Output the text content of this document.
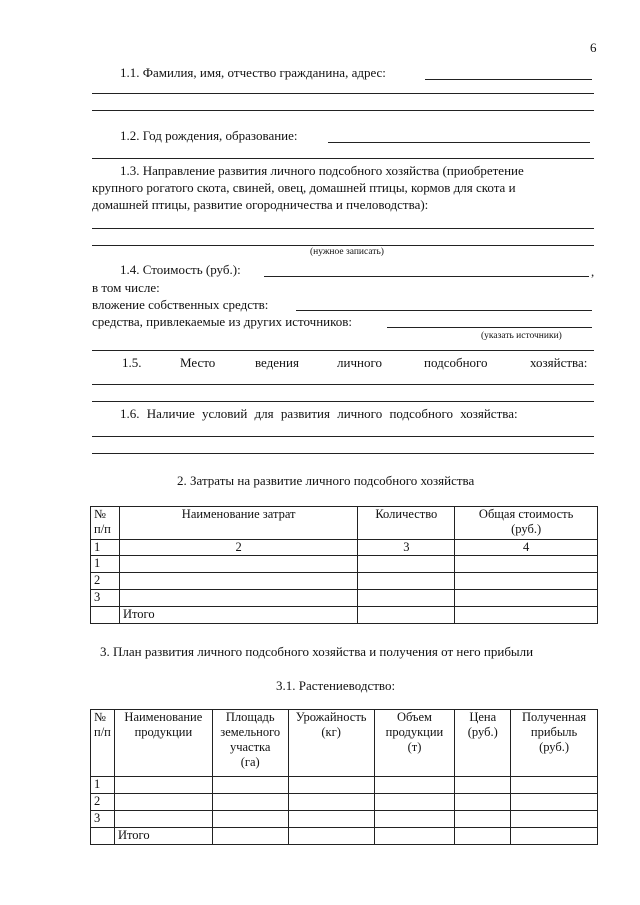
6
1.1. Фамилия, имя, отчество гражданина, адрес:
1.2. Год рождения, образование:
1.3. Направление развития личного подсобного хозяйства (приобретение
крупного рогатого скота, свиней, овец, домашней птицы, кормов для скота и
домашней птицы, развитие огородничества и пчеловодства):
(нужное записать)
1.4. Стоимость (руб.):	,
в том числе:
вложение собственных средств:
средства, привлекаемые из других источников:
(указать источники)
1.5.	Место	ведения	личного	подсобного	хозяйства:
1.6. Наличие условий для развития личного подсобного хозяйства:
2. Затраты на развитие личного подсобного хозяйства
№
п/п	Наименование затрат	Количество	Общая стоимость
(руб.)
1	2	3	4
1			
2			
3			
	Итого		
3. План развития личного подсобного хозяйства и получения от него прибыли
3.1. Растениеводство:
№
п/п	Наименование
продукции	Площадь
земельного
участка
(га)	Урожайность
(кг)	Объем
продукции
(т)	Цена
(руб.)	Полученная
прибыль
(руб.)
1						
2						
3						
	Итого					
